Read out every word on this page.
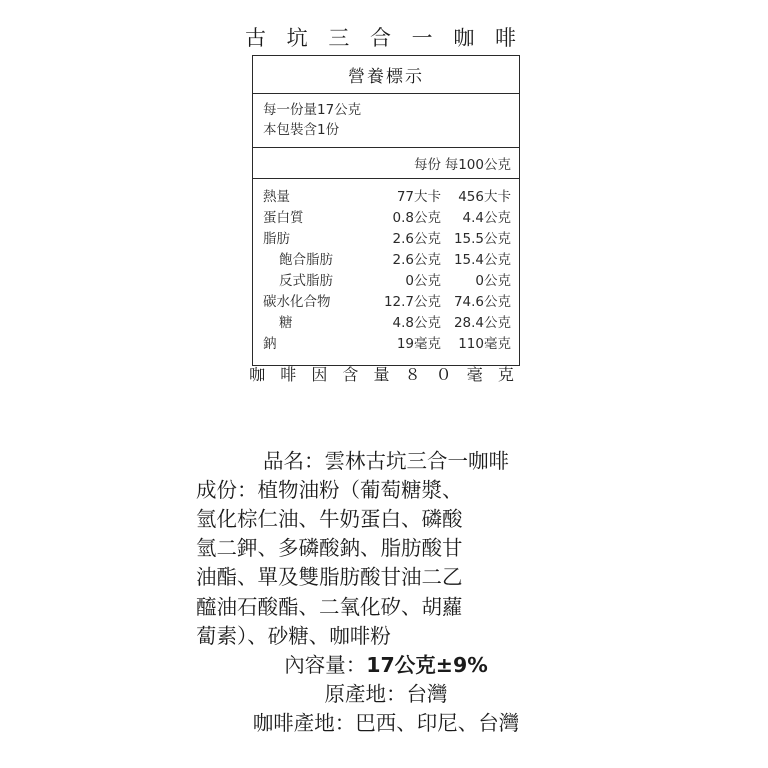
古 坑 三 合 一 咖 啡
營養標示
每一份量17公克
本包裝含1份
每份 每100公克
熱量	77大卡	456大卡
蛋白質	0.8公克	4.4公克
脂肪	2.6公克 15.5公克
飽合脂肪	2.6公克 15.4公克
反式脂肪	0公克	0公克
碳水化合物	12.7公克 74.6公克
糖	4.8公克 28.4公克
鈉	19毫克	110毫克
咖 啡 因 含 量 ８ ０ 毫 克
品名：雲林古坑三合一咖啡
成份：植物油粉（葡萄糖漿、
氫化棕仁油、牛奶蛋白、磷酸
氫二鉀、多磷酸鈉、脂肪酸甘
油酯、單及雙脂肪酸甘油二乙
醯油石酸酯、二氧化矽、胡蘿
蔔素）、砂糖、咖啡粉
內容量：17公克±9%
原產地：台灣
咖啡產地：巴西、印尼、台灣
